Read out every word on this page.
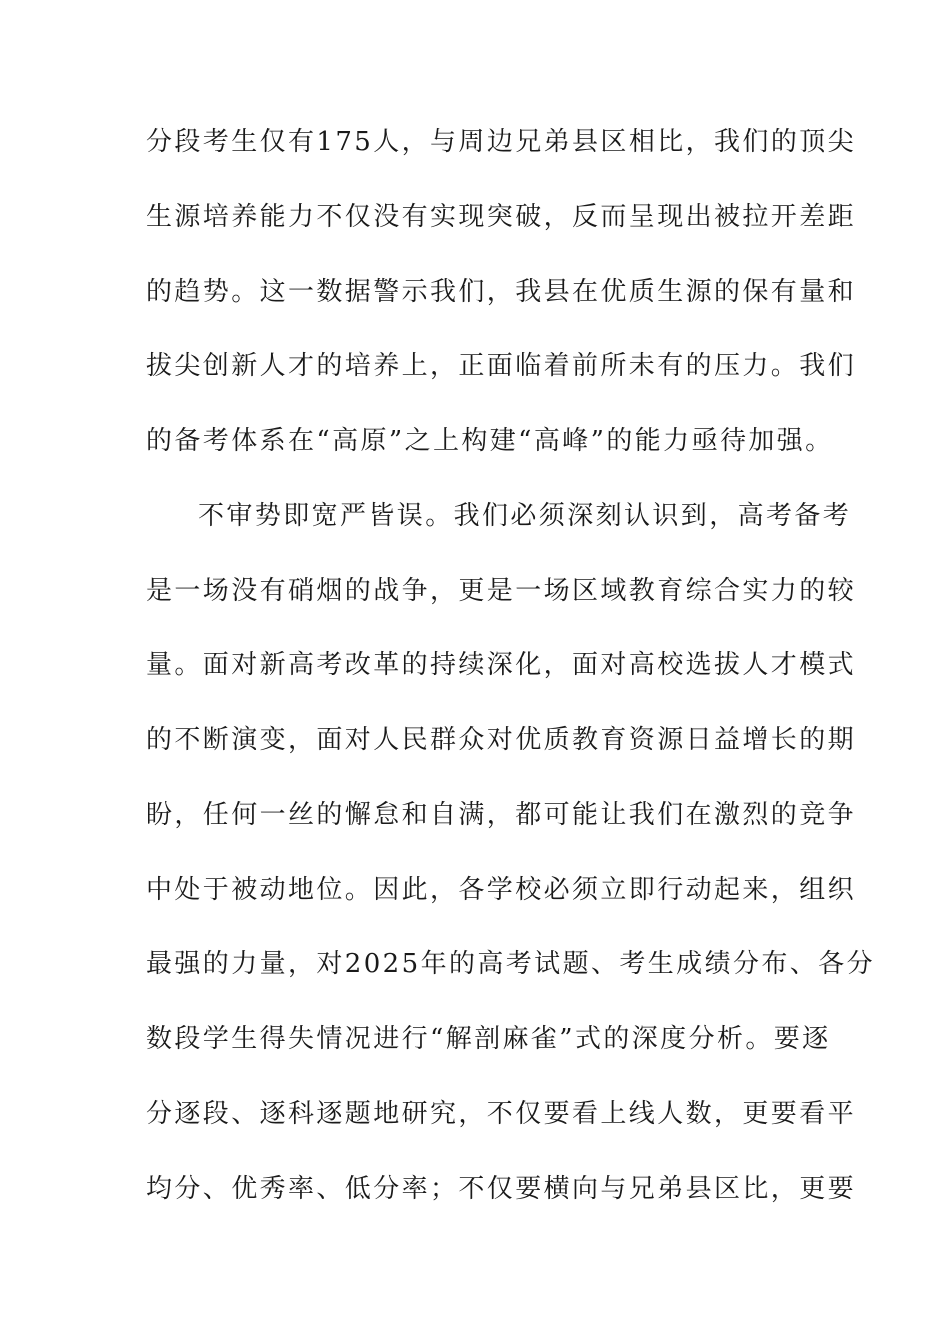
分段考生仅有175人，与周边兄弟县区相比，我们的顶尖
生源培养能力不仅没有实现突破，反而呈现出被拉开差距
的趋势。这一数据警示我们，我县在优质生源的保有量和
拔尖创新人才的培养上，正面临着前所未有的压力。我们
的备考体系在“高原”之上构建“高峰”的能力亟待加强。
不审势即宽严皆误。我们必须深刻认识到，高考备考
是一场没有硝烟的战争，更是一场区域教育综合实力的较
量。面对新高考改革的持续深化，面对高校选拔人才模式
的不断演变，面对人民群众对优质教育资源日益增长的期
盼，任何一丝的懈怠和自满，都可能让我们在激烈的竞争
中处于被动地位。因此，各学校必须立即行动起来，组织
最强的力量，对2025年的高考试题、考生成绩分布、各分
数段学生得失情况进行“解剖麻雀”式的深度分析。要逐
分逐段、逐科逐题地研究，不仅要看上线人数，更要看平
均分、优秀率、低分率；不仅要横向与兄弟县区比，更要
